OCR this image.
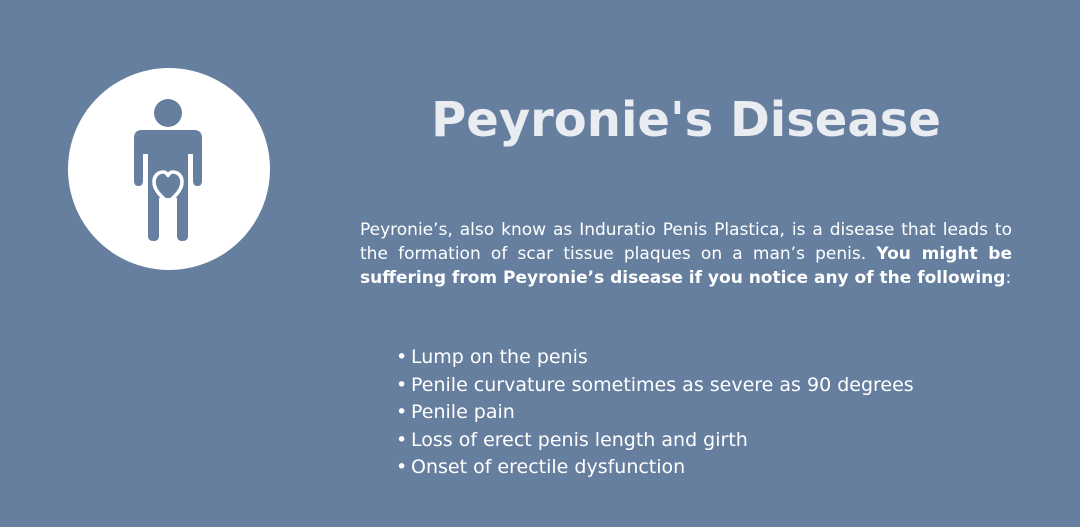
Peyronie's Disease

Peyronie’s, also know as Induratio Penis Plastica, is a disease that leads to the formation of scar tissue plaques on a man’s penis. You might be suffering from Peyronie’s disease if you notice any of the following:

• Lump on the penis
• Penile curvature sometimes as severe as 90 degrees
• Penile pain
• Loss of erect penis length and girth
• Onset of erectile dysfunction
